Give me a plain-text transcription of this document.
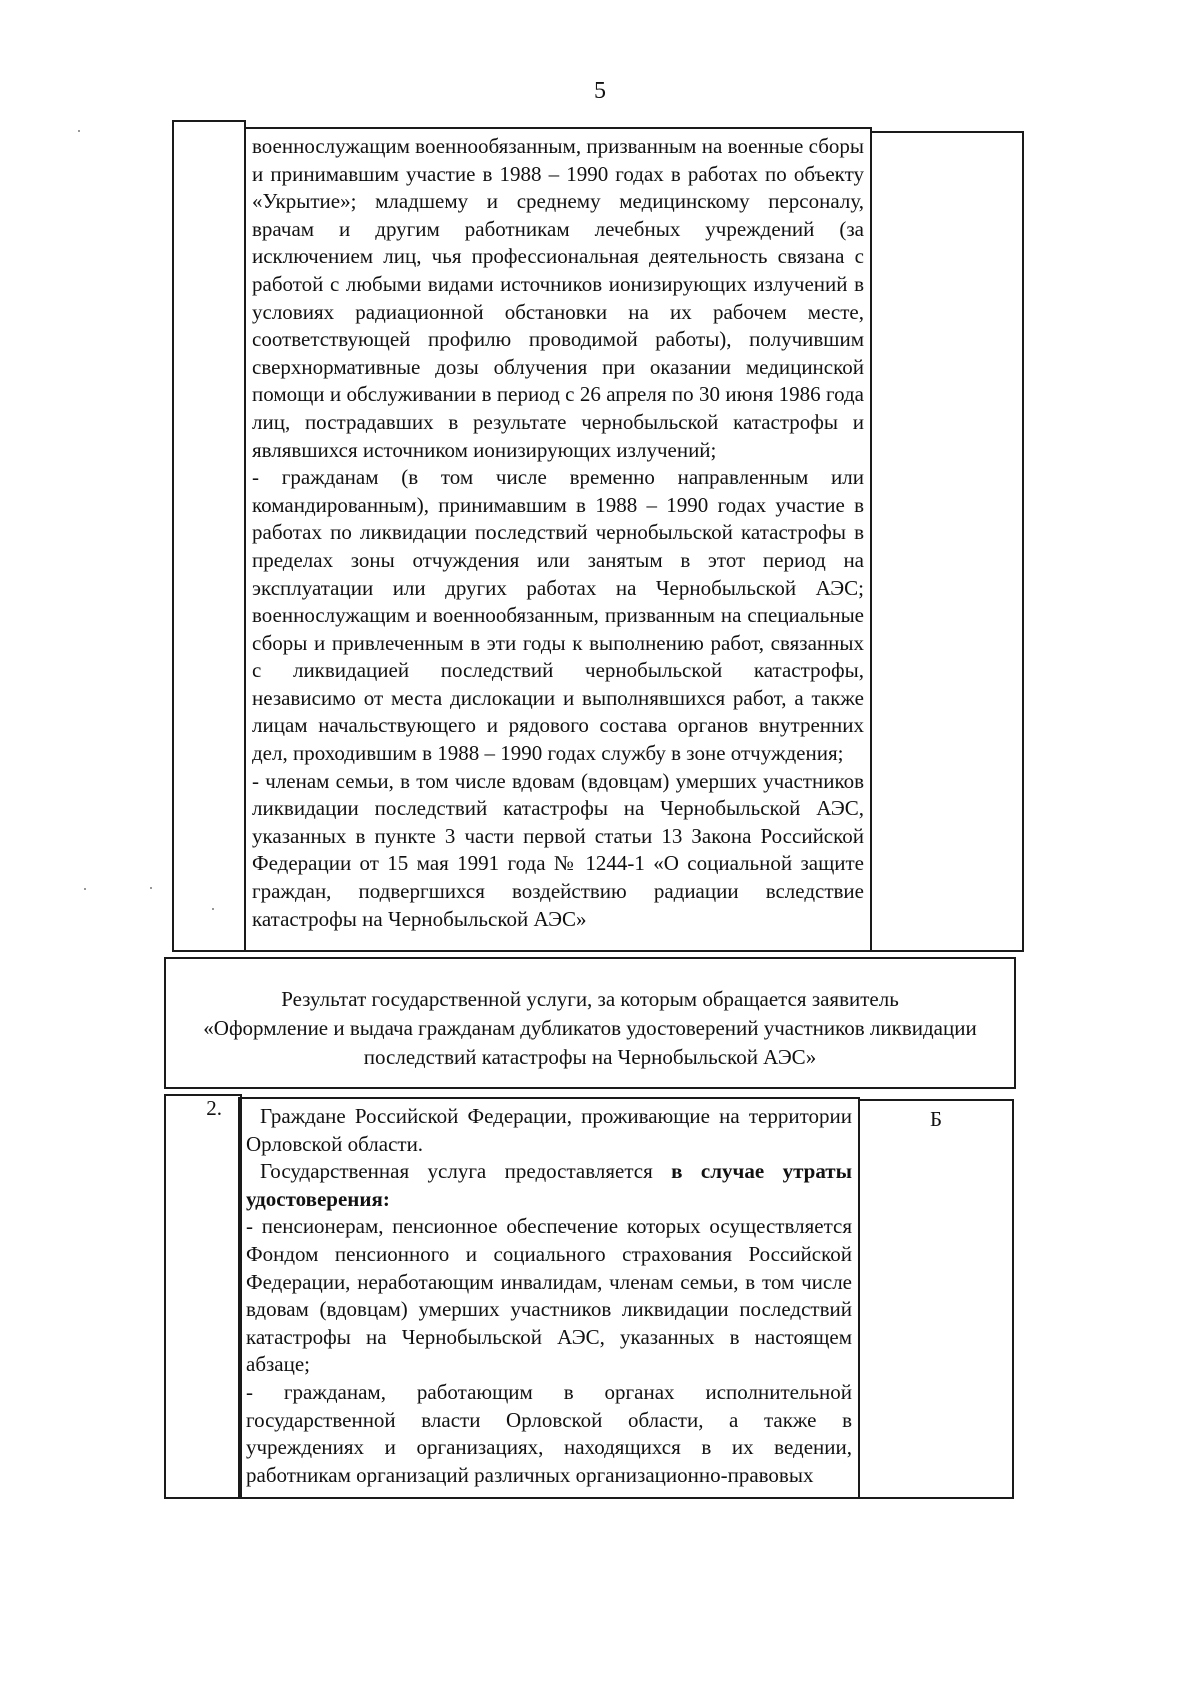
5

военнослужащим военнообязанным, призванным на военные сборы и принимавшим участие в 1988 – 1990 годах в работах по объекту «Укрытие»; младшему и среднему медицинскому персоналу, врачам и другим работникам лечебных учреждений (за исключением лиц, чья профессиональная деятельность связана с работой с любыми видами источников ионизирующих излучений в условиях радиационной обстановки на их рабочем месте, соответствующей профилю проводимой работы), получившим сверхнормативные дозы облучения при оказании медицинской помощи и обслуживании в период с 26 апреля по 30 июня 1986 года лиц, пострадавших в результате чернобыльской катастрофы и являвшихся источником ионизирующих излучений;

- гражданам (в том числе временно направленным или командированным), принимавшим в 1988 – 1990 годах участие в работах по ликвидации последствий чернобыльской катастрофы в пределах зоны отчуждения или занятым в этот период на эксплуатации или других работах на Чернобыльской АЭС; военнослужащим и военнообязанным, призванным на специальные сборы и привлеченным в эти годы к выполнению работ, связанных с ликвидацией последствий чернобыльской катастрофы, независимо от места дислокации и выполнявшихся работ, а также лицам начальствующего и рядового состава органов внутренних дел, проходившим в 1988 – 1990 годах службу в зоне отчуждения;

- членам семьи, в том числе вдовам (вдовцам) умерших участников ликвидации последствий катастрофы на Чернобыльской АЭС, указанных в пункте 3 части первой статьи 13 Закона Российской Федерации от 15 мая 1991 года № 1244-1 «О социальной защите граждан, подвергшихся воздействию радиации вследствие катастрофы на Чернобыльской АЭС»

Результат государственной услуги, за которым обращается заявитель

«Оформление и выдача гражданам дубликатов удостоверений участников ликвидации

последствий катастрофы на Чернобыльской АЭС»

2.	Граждане Российской Федерации, проживающие на территории Орловской области.

Государственная услуга предоставляется в случае утраты удостоверения:

- пенсионерам, пенсионное обеспечение которых осуществляется Фондом пенсионного и социального страхования Российской Федерации, неработающим инвалидам, членам семьи, в том числе вдовам (вдовцам) умерших участников ликвидации последствий катастрофы на Чернобыльской АЭС, указанных в настоящем абзаце;

- гражданам, работающим в органах исполнительной государственной власти Орловской области, а также в учреждениях и организациях, находящихся в их ведении, работникам организаций различных организационно-правовых

Б
